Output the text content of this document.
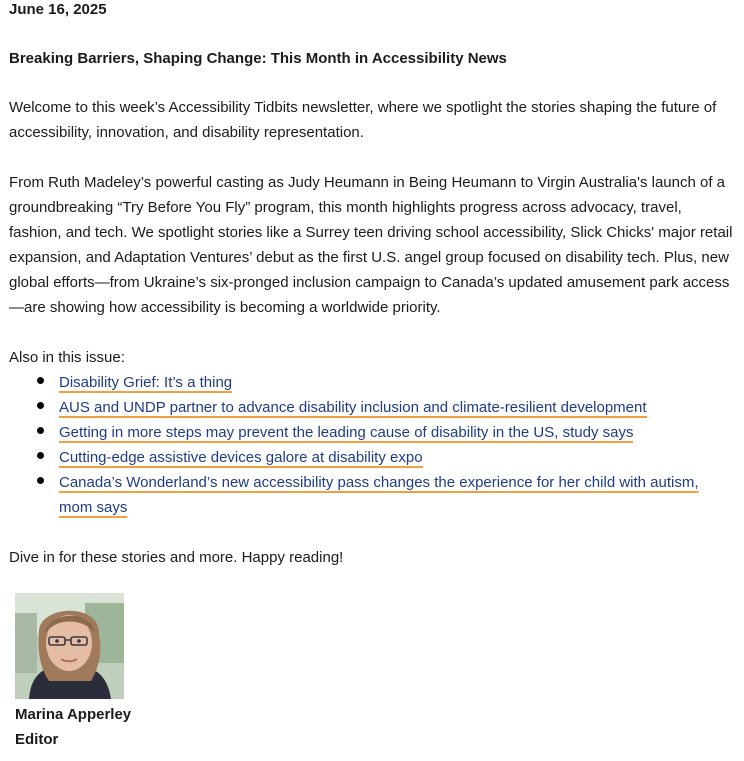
June 16, 2025
Breaking Barriers, Shaping Change: This Month in Accessibility News

Welcome to this week’s Accessibility Tidbits newsletter, where we spotlight the stories shaping the future of accessibility, innovation, and disability representation.

From Ruth Madeley’s powerful casting as Judy Heumann in Being Heumann to Virgin Australia's launch of a groundbreaking “Try Before You Fly” program, this month highlights progress across advocacy, travel, fashion, and tech. We spotlight stories like a Surrey teen driving school accessibility, Slick Chicks' major retail expansion, and Adaptation Ventures’ debut as the first U.S. angel group focused on disability tech. Plus, new global efforts—from Ukraine’s six-pronged inclusion campaign to Canada’s updated amusement park access—are showing how accessibility is becoming a worldwide priority.

Also in this issue:

Disability Grief: It’s a thing
AUS and UNDP partner to advance disability inclusion and climate-resilient development
Getting in more steps may prevent the leading cause of disability in the US, study says
Cutting-edge assistive devices galore at disability expo
Canada’s Wonderland’s new accessibility pass changes the experience for her child with autism, mom says

Dive in for these stories and more. Happy reading!

Marina Apperley
Editor
